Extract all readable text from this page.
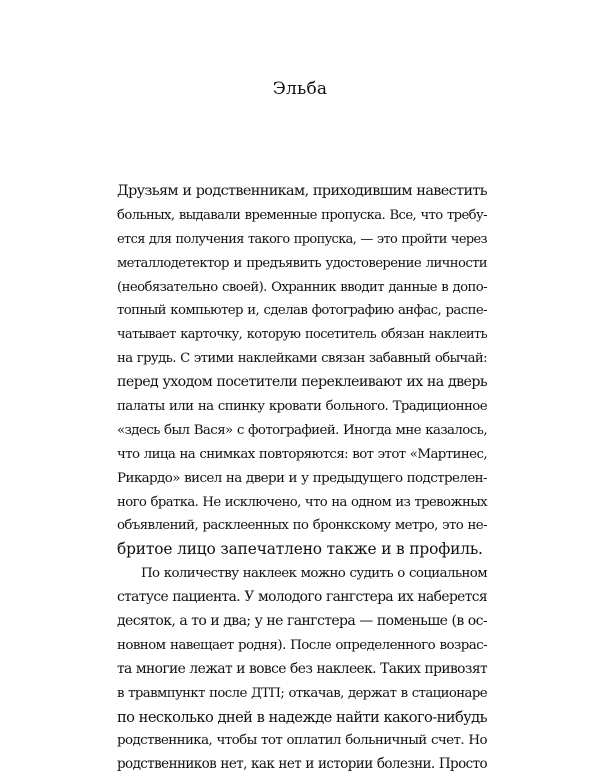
Эльба
Друзьям и родственникам, приходившим навестить
больных, выдавали временные пропуска. Все, что требу-
ется для получения такого пропуска, — это пройти через
металлодетектор и предъявить удостоверение личности
(необязательно своей). Охранник вводит данные в допо-
топный компьютер и, сделав фотографию анфас, распе-
чатывает карточку, которую посетитель обязан наклеить
на грудь. С этими наклейками связан забавный обычай:
перед уходом посетители переклеивают их на дверь
палаты или на спинку кровати больного. Традиционное
«здесь был Вася» с фотографией. Иногда мне казалось,
что лица на снимках повторяются: вот этот «Мартинес,
Рикардо» висел на двери и у предыдущего подстрелен-
ного братка. Не исключено, что на одном из тревожных
объявлений, расклеенных по бронкскому метро, это не-
бритое лицо запечатлено также и в профиль.
По количеству наклеек можно судить о социальном
статусе пациента. У молодого гангстера их наберется
десяток, а то и два; у не гангстера — поменьше (в ос-
новном навещает родня). После определенного возрас-
та многие лежат и вовсе без наклеек. Таких привозят
в травмпункт после ДТП; откачав, держат в стационаре
по несколько дней в надежде найти какого-нибудь
родственника, чтобы тот оплатил больничный счет. Но
родственников нет, как нет и истории болезни. Просто
